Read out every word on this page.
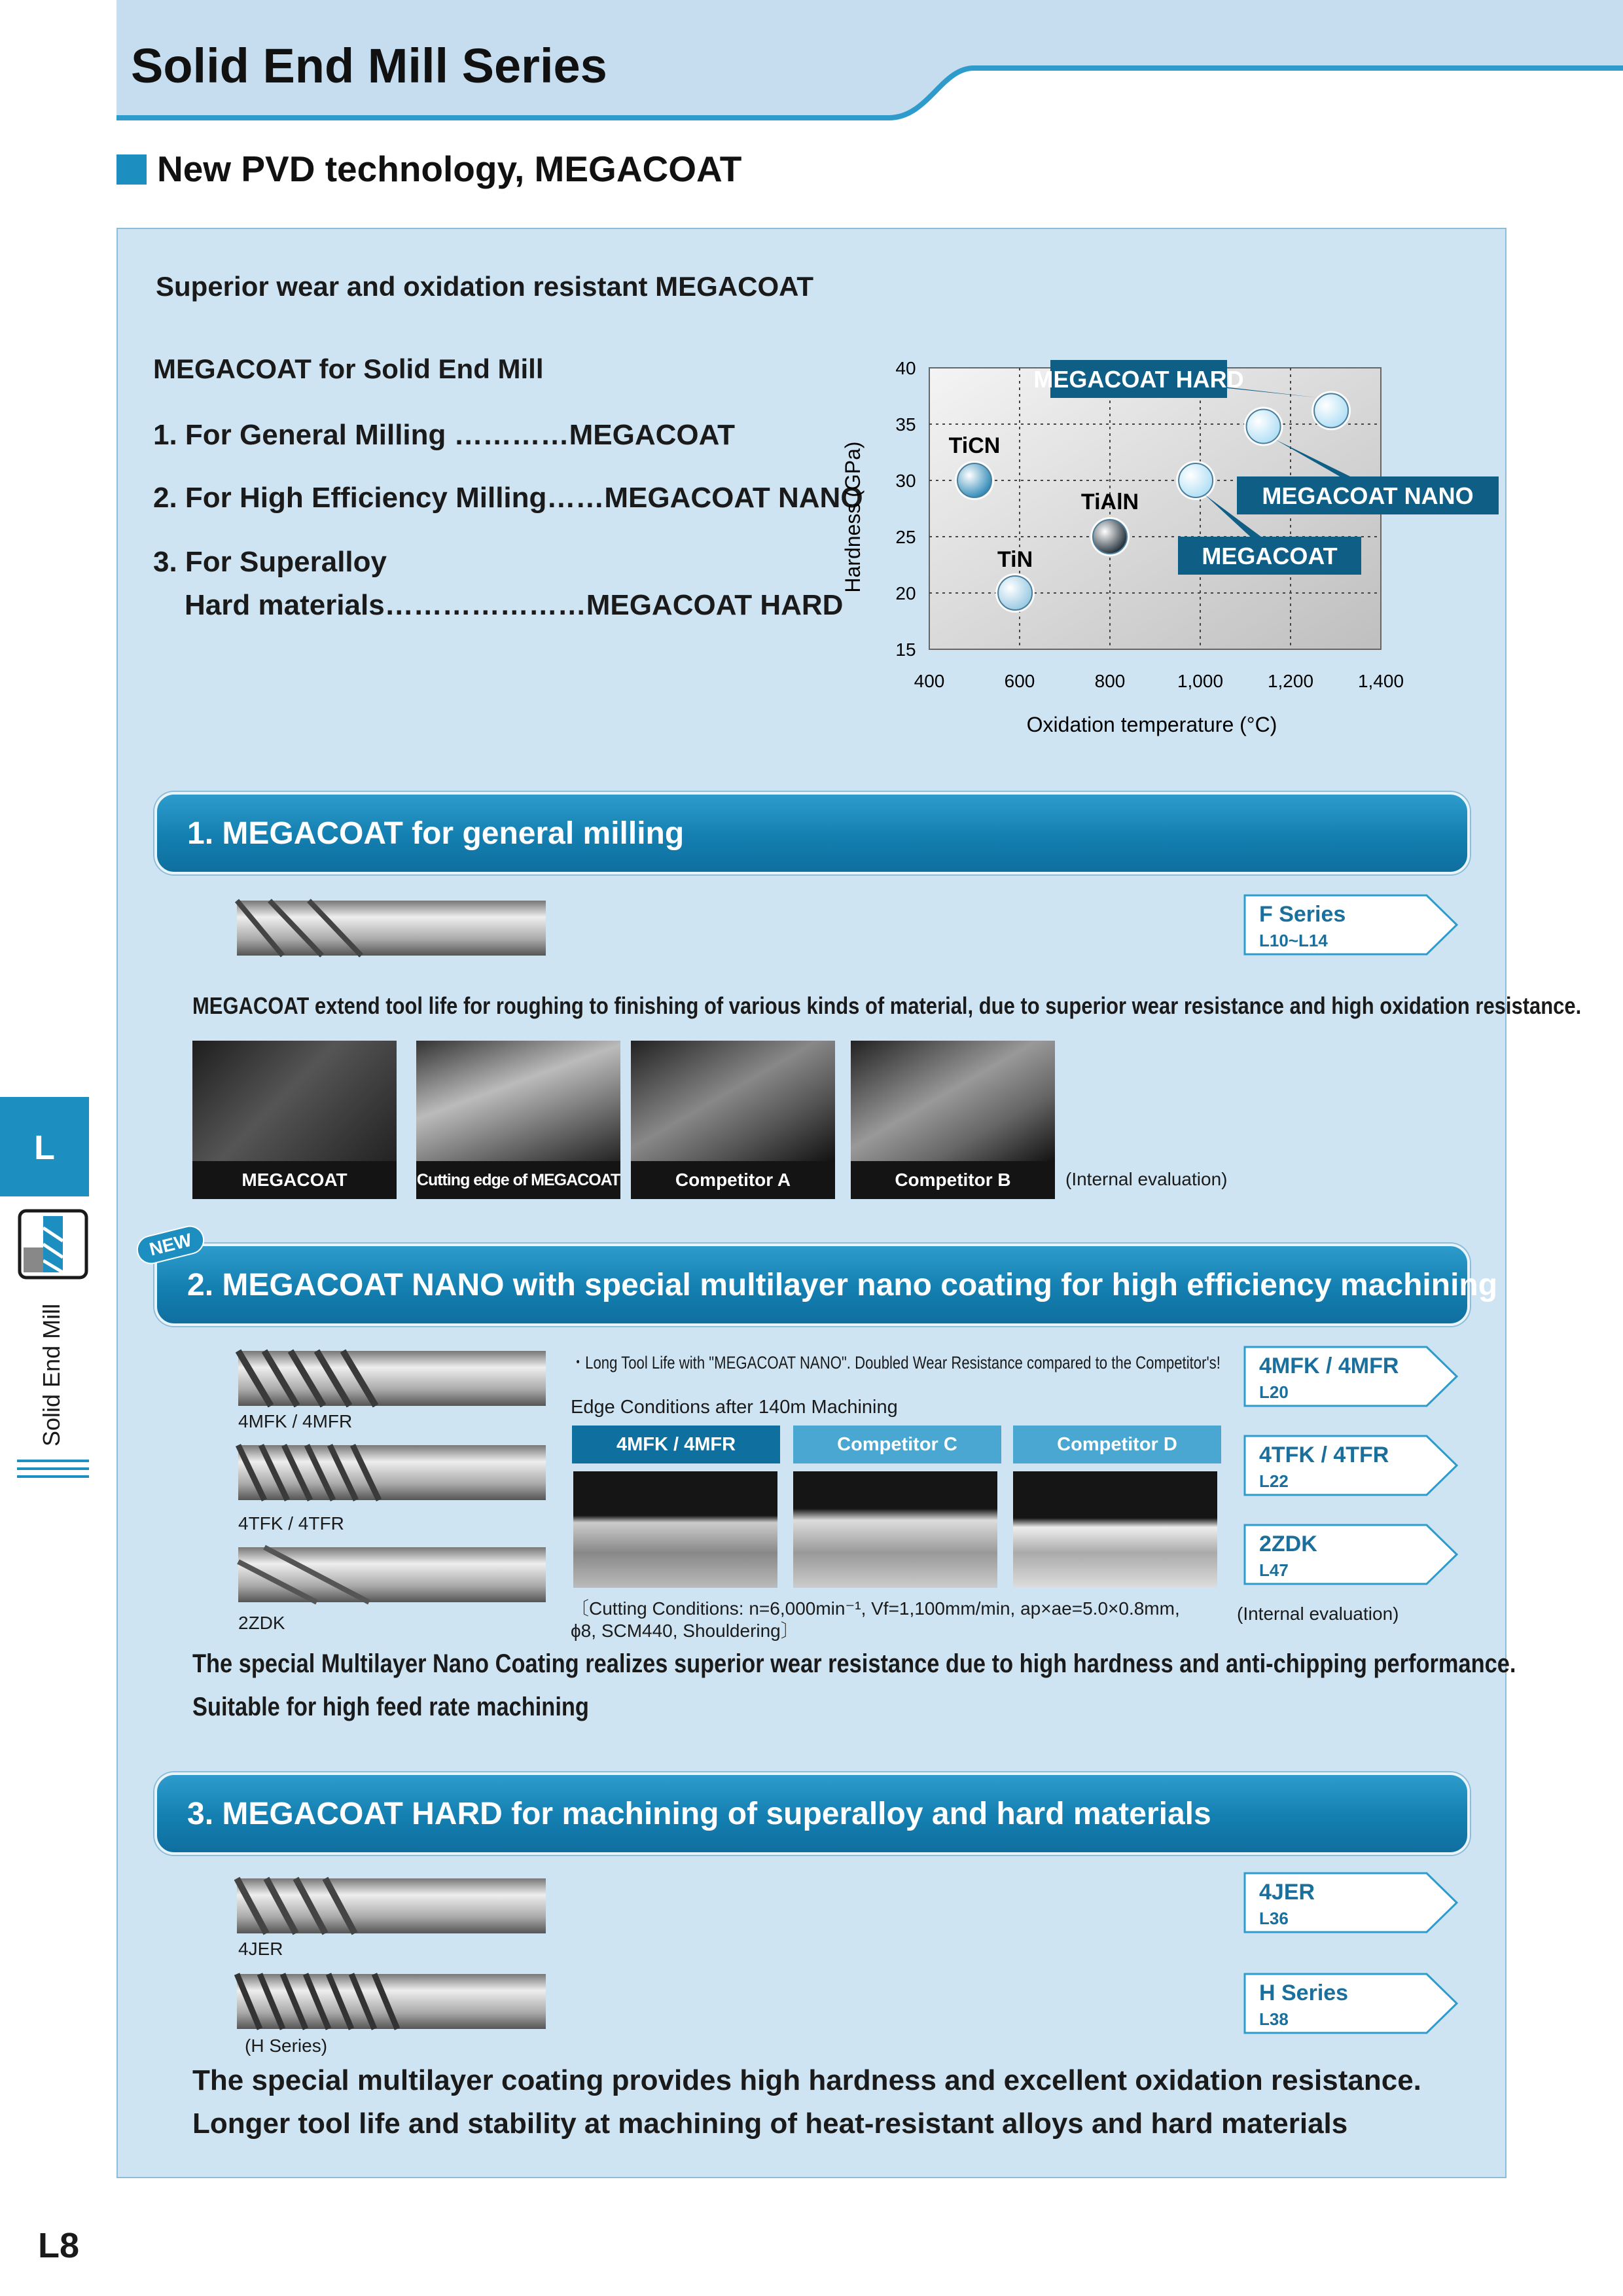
Solid End Mill Series
New PVD technology, MEGACOAT
Superior wear and oxidation resistant MEGACOAT
MEGACOAT for Solid End Mill
1. For General Milling …………MEGACOAT
2. For High Efficiency Milling……MEGACOAT NANO
3. For Superalloy
Hard materials…………………MEGACOAT HARD
400	600	800	1,000 1,200 1,400
15
20
25
30
35
40
TiCN
TiN
TiAlN
MEGACOAT HARD
MEGACOAT NANO
MEGACOAT
Oxidation temperature (°C)
Hardness (GPa)
1. MEGACOAT for general milling
F Series
L10~L14
MEGACOAT extend tool life for roughing to finishing of various kinds of material, due to superior wear resistance and high oxidation resistance.
MEGACOAT	Cutting edge of MEGACOAT	Competitor A	Competitor B	(Internal evaluation)
2. MEGACOAT NANO with special multilayer nano coating for high efficiency machining
NEW
4MFK / 4MFR
4TFK / 4TFR
2ZDK
・Long Tool Life with "MEGACOAT NANO". Doubled Wear Resistance compared to the Competitor's!
Edge Conditions after 140m Machining
4MFK / 4MFR	Competitor C	Competitor D
〔Cutting Conditions: n=6,000min⁻¹, Vf=1,100mm/min, ap×ae=5.0×0.8mm,
ϕ8, SCM440, Shouldering〕
(Internal evaluation)
4MFK / 4MFR
L20
4TFK / 4TFR
L22
2ZDK
L47
The special Multilayer Nano Coating realizes superior wear resistance due to high hardness and anti-chipping performance.
Suitable for high feed rate machining
3. MEGACOAT HARD for machining of superalloy and hard materials
4JER
(H Series)
4JER
L36
H Series
L38
The special multilayer coating provides high hardness and excellent oxidation resistance.
Longer tool life and stability at machining of heat-resistant alloys and hard materials
L
Solid End Mill
L8
